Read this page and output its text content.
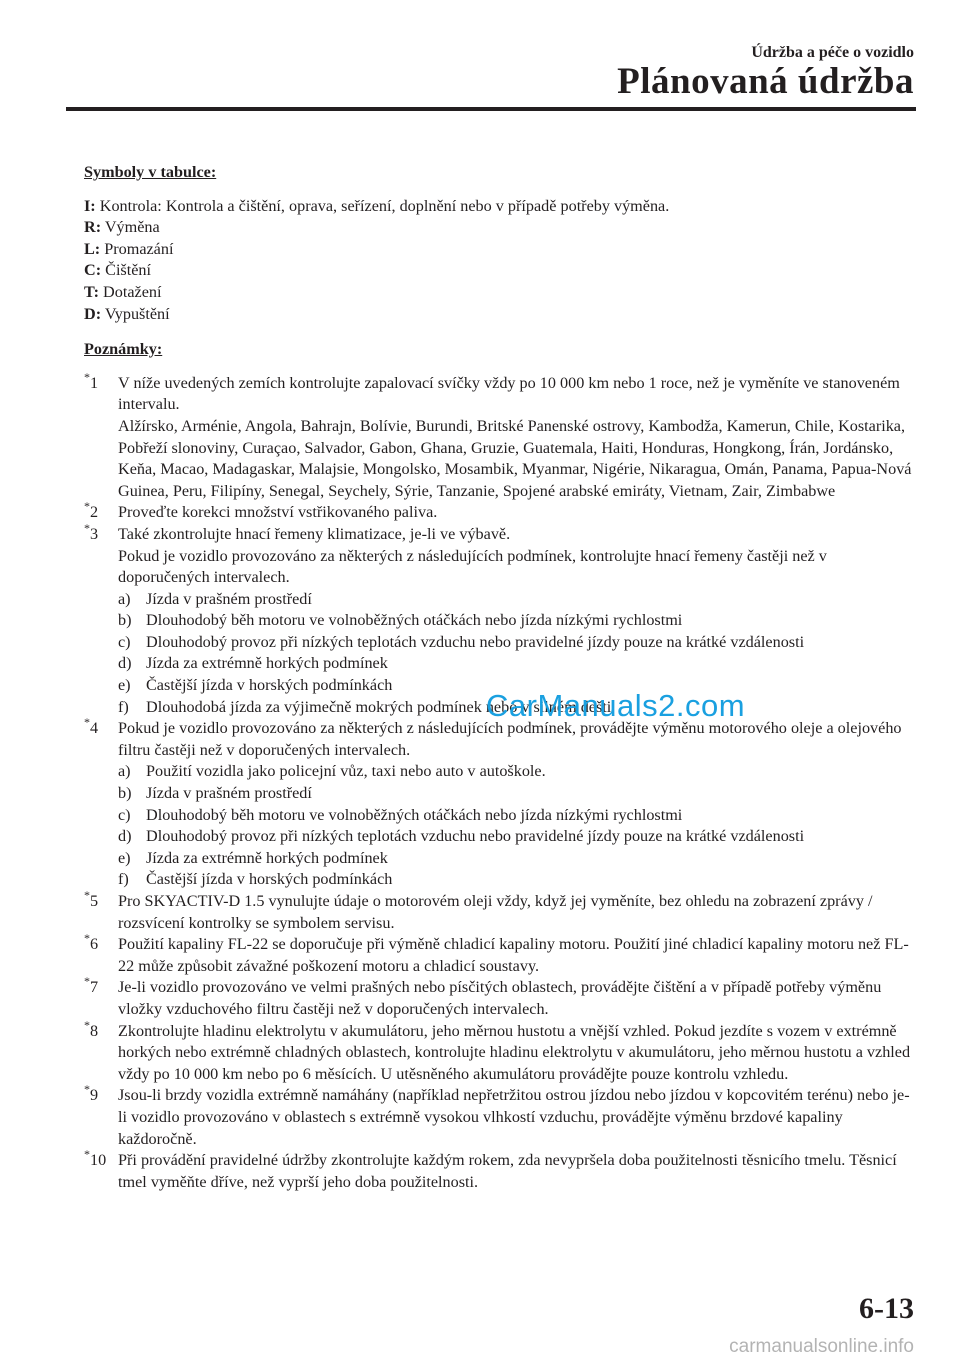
Údržba a péče o vozidlo
Plánovaná údržba
Symboly v tabulce:

I: Kontrola: Kontrola a čištění, oprava, seřízení, doplnění nebo v případě potřeby výměna.

R: Výměna

L: Promazání

C: Čištění

T: Dotažení

D: Vypuštění

Poznámky:
*1 V níže uvedených zemích kontrolujte zapalovací svíčky vždy po 10 000 km nebo 1 roce, než je vyměníte ve stanoveném intervalu.

Alžírsko, Arménie, Angola, Bahrajn, Bolívie, Burundi, Britské Panenské ostrovy, Kambodža, Kamerun, Chile, Kostarika, Pobřeží slonoviny, Curaçao, Salvador, Gabon, Ghana, Gruzie, Guatemala, Haiti, Honduras, Hongkong, Írán, Jordánsko, Keňa, Macao, Madagaskar, Malajsie, Mongolsko, Mosambik, Myanmar, Nigérie, Nikaragua, Omán, Panama, Papua-Nová Guinea, Peru, Filipíny, Senegal, Seychely, Sýrie, Tanzanie, Spojené arabské emiráty, Vietnam, Zair, Zimbabwe

*2 Proveďte korekci množství vstřikovaného paliva.

*3 Také zkontrolujte hnací řemeny klimatizace, je-li ve výbavě.

Pokud je vozidlo provozováno za některých z následujících podmínek, kontrolujte hnací řemeny častěji než v doporučených intervalech.

a) Jízda v prašném prostředí
b) Dlouhodobý běh motoru ve volnoběžných otáčkách nebo jízda nízkými rychlostmi
c) Dlouhodobý provoz při nízkých teplotách vzduchu nebo pravidelné jízdy pouze na krátké vzdálenosti
d) Jízda za extrémně horkých podmínek
e) Častější jízda v horských podmínkách
f) Dlouhodobá jízda za výjimečně mokrých podmínek nebo v silném dešti
*4 Pokud je vozidlo provozováno za některých z následujících podmínek, provádějte výměnu motorového oleje a olejového filtru častěji než v doporučených intervalech.

a) Použití vozidla jako policejní vůz, taxi nebo auto v autoškole.
b) Jízda v prašném prostředí
c) Dlouhodobý běh motoru ve volnoběžných otáčkách nebo jízda nízkými rychlostmi
d) Dlouhodobý provoz při nízkých teplotách vzduchu nebo pravidelné jízdy pouze na krátké vzdálenosti
e) Jízda za extrémně horkých podmínek
f) Častější jízda v horských podmínkách
*5 Pro SKYACTIV-D 1.5 vynulujte údaje o motorovém oleji vždy, když jej vyměníte, bez ohledu na zobrazení zprávy / rozsvícení kontrolky se symbolem servisu.

*6 Použití kapaliny FL-22 se doporučuje při výměně chladicí kapaliny motoru. Použití jiné chladicí kapaliny motoru než FL-22 může způsobit závažné poškození motoru a chladicí soustavy.

*7 Je-li vozidlo provozováno ve velmi prašných nebo písčitých oblastech, provádějte čištění a v případě potřeby výměnu vložky vzduchového filtru častěji než v doporučených intervalech.

*8 Zkontrolujte hladinu elektrolytu v akumulátoru, jeho měrnou hustotu a vnější vzhled. Pokud jezdíte s vozem v extrémně horkých nebo extrémně chladných oblastech, kontrolujte hladinu elektrolytu v akumulátoru, jeho měrnou hustotu a vzhled vždy po 10 000 km nebo po 6 měsících. U utěsněného akumulátoru provádějte pouze kontrolu vzhledu.

*9 Jsou-li brzdy vozidla extrémně namáhány (například nepřetržitou ostrou jízdou nebo jízdou v kopcovitém terénu) nebo je-li vozidlo provozováno v oblastech s extrémně vysokou vlhkostí vzduchu, provádějte výměnu brzdové kapaliny každoročně.

*10 Při provádění pravidelné údržby zkontrolujte každým rokem, zda nevypršela doba použitelnosti těsnicího tmelu. Těsnicí tmel vyměňte dříve, než vyprší jeho doba použitelnosti.

CarManuals2.com
6-13
carmanualsonline.info
